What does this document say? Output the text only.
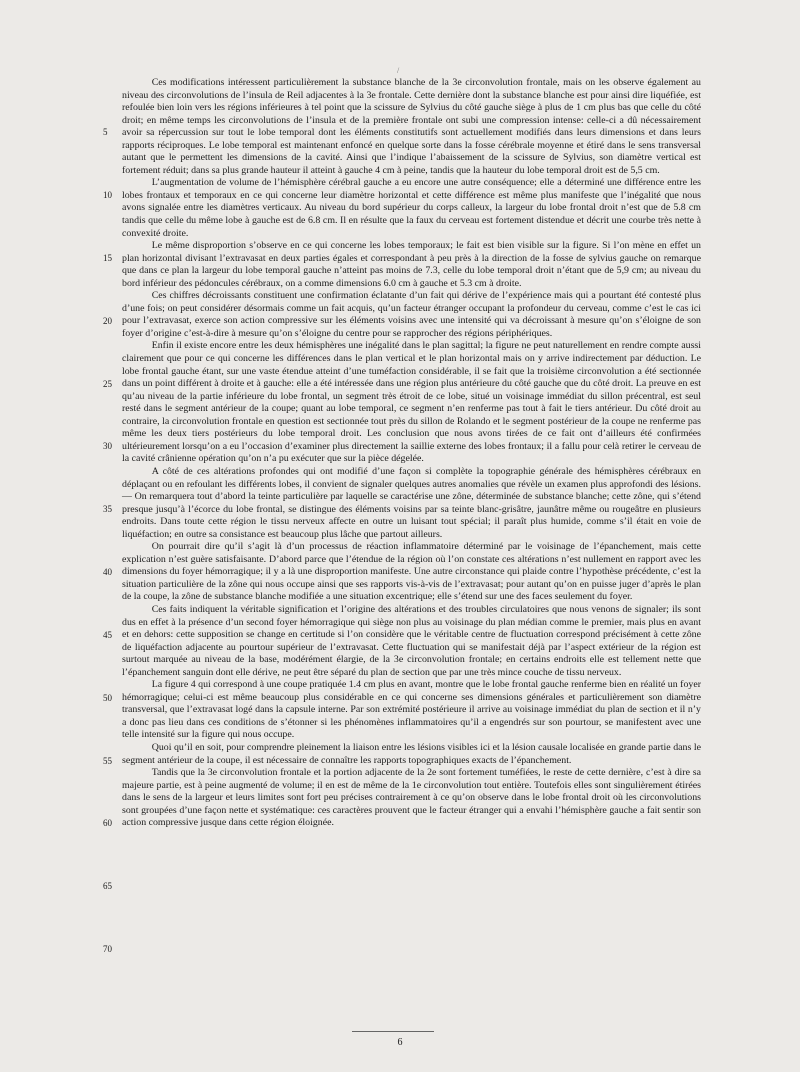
/

Ces modifications intéressent particulièrement la substance blanche de la 3e circonvolution frontale, mais on les observe également au niveau des circonvolutions de l’insula de Reil adjacentes à la 3e frontale. Cette dernière dont la substance blanche est pour ainsi dire liquéfiée, est refoulée bien loin vers les régions inférieures à tel point que la scissure de Sylvius du côté gauche siège à plus de 1 cm plus bas que celle du côté droit; en même temps les circonvolutions de l’insula et de la première frontale ont subi une compression intense: celle-ci a dû nécessairement avoir sa répercussion sur tout le lobe temporal dont les éléments constitutifs sont actuellement modifiés dans leurs dimensions et dans leurs rapports réciproques. Le lobe temporal est maintenant enfoncé en quelque sorte dans la fosse cérébrale moyenne et étiré dans le sens transversal autant que le permettent les dimensions de la cavité. Ainsi que l’indique l’abaissement de la scissure de Sylvius, son diamètre vertical est fortement réduit; dans sa plus grande hauteur il atteint à gauche 4 cm à peine, tandis que la hauteur du lobe temporal droit est de 5,5 cm.

L’augmentation de volume de l’hémisphère cérébral gauche a eu encore une autre conséquence; elle a déterminé une différence entre les lobes frontaux et temporaux en ce qui concerne leur diamètre horizontal et cette différence est même plus manifeste que l’inégalité que nous avons signalée entre les diamètres verticaux. Au niveau du bord supérieur du corps calleux, la largeur du lobe frontal droit n’est que de 5.8 cm tandis que celle du même lobe à gauche est de 6.8 cm. Il en résulte que la faux du cerveau est fortement distendue et décrit une courbe très nette à convexité droite.

Le même disproportion s’observe en ce qui concerne les lobes temporaux; le fait est bien visible sur la figure. Si l’on mène en effet un plan horizontal divisant l’extravasat en deux parties égales et correspondant à peu près à la direction de la fosse de sylvius gauche on remarque que dans ce plan la largeur du lobe temporal gauche n’atteint pas moins de 7.3, celle du lobe temporal droit n’étant que de 5,9 cm; au niveau du bord inférieur des pédoncules cérébraux, on a comme dimensions 6.0 cm à gauche et 5.3 cm à droite.

Ces chiffres décroissants constituent une confirmation éclatante d’un fait qui dérive de l’expérience mais qui a pourtant été contesté plus d’une fois; on peut considérer désormais comme un fait acquis, qu’un facteur étranger occupant la profondeur du cerveau, comme c’est le cas ici pour l’extravasat, exerce son action compressive sur les éléments voisins avec une intensité qui va décroissant à mesure qu’on s’éloigne de son foyer d’origine c’est-à-dire à mesure qu’on s’éloigne du centre pour se rapprocher des régions périphériques.

Enfin il existe encore entre les deux hémisphères une inégalité dans le plan sagittal; la figure ne peut naturellement en rendre compte aussi clairement que pour ce qui concerne les différences dans le plan vertical et le plan horizontal mais on y arrive indirectement par déduction. Le lobe frontal gauche étant, sur une vaste étendue atteint d’une tuméfaction considérable, il se fait que la troisième circonvolution a été sectionnée dans un point différent à droite et à gauche: elle a été intéressée dans une région plus antérieure du côté gauche que du côté droit. La preuve en est qu’au niveau de la partie inférieure du lobe frontal, un segment très étroit de ce lobe, situé un voisinage immédiat du sillon précentral, est seul resté dans le segment antérieur de la coupe; quant au lobe temporal, ce segment n’en renferme pas tout à fait le tiers antérieur. Du côté droit au contraire, la circonvolution frontale en question est sectionnée tout près du sillon de Rolando et le segment postérieur de la coupe ne renferme pas même les deux tiers postérieurs du lobe temporal droit. Les conclusion que nous avons tirées de ce fait ont d’ailleurs été confirmées ultérieurement lorsqu’on a eu l’occasion d’examiner plus directement la saillie externe des lobes frontaux; il a fallu pour celà retirer le cerveau de la cavité crânienne opération qu’on n’a pu exécuter que sur la pièce dégelée.

A côté de ces altérations profondes qui ont modifié d’une façon si complète la topographie générale des hémisphères cérébraux en déplaçant ou en refoulant les différents lobes, il convient de signaler quelques autres anomalies que révèle un examen plus approfondi des lésions. — On remarquera tout d’abord la teinte particulière par laquelle se caractérise une zône, déterminée de substance blanche; cette zône, qui s’étend presque jusqu’à l’écorce du lobe frontal, se distingue des éléments voisins par sa teinte blanc-grisâtre, jaunâtre même ou rougeâtre en plusieurs endroits. Dans toute cette région le tissu nerveux affecte en outre un luisant tout spécial; il paraît plus humide, comme s’il était en voie de liquéfaction; en outre sa consistance est beaucoup plus lâche que partout ailleurs.

On pourrait dire qu’il s’agit là d’un processus de réaction inflammatoire déterminé par le voisinage de l’épanchement, mais cette explication n’est guère satisfaisante. D’abord parce que l’étendue de la région où l’on constate ces altérations n’est nullement en rapport avec les dimensions du foyer hémorragique; il y a là une disproportion manifeste. Une autre circonstance qui plaide contre l’hypothèse précédente, c’est la situation particulière de la zône qui nous occupe ainsi que ses rapports vis-à-vis de l’extravasat; pour autant qu’on en puisse juger d’après le plan de la coupe, la zône de substance blanche modifiée a une situation excentrique; elle s’étend sur une des faces seulement du foyer.

Ces faits indiquent la véritable signification et l’origine des altérations et des troubles circulatoires que nous venons de signaler; ils sont dus en effet à la présence d’un second foyer hémorragique qui siège non plus au voisinage du plan médian comme le premier, mais plus en avant et en dehors: cette supposition se change en certitude si l’on considère que le véritable centre de fluctuation correspond précisément à cette zône de liquéfaction adjacente au pourtour supérieur de l’extravasat. Cette fluctuation qui se manifestait déjà par l’aspect extérieur de la région est surtout marquée au niveau de la base, modérément élargie, de la 3e circonvolution frontale; en certains endroits elle est tellement nette que l’épanchement sanguin dont elle dérive, ne peut être séparé du plan de section que par une très mince couche de tissu nerveux.

La figure 4 qui correspond à une coupe pratiquée 1.4 cm plus en avant, montre que le lobe frontal gauche renferme bien en réalité un foyer hémorragique; celui-ci est même beaucoup plus considérable en ce qui concerne ses dimensions générales et particulièrement son diamètre transversal, que l’extravasat logé dans la capsule interne. Par son extrémité postérieure il arrive au voisinage immédiat du plan de section et il n’y a donc pas lieu dans ces conditions de s’étonner si les phénomènes inflammatoires qu’il a engendrés sur son pourtour, se manifestent avec une telle intensité sur la figure qui nous occupe.

Quoi qu’il en soit, pour comprendre pleinement la liaison entre les lésions visibles ici et la lésion causale localisée en grande partie dans le segment antérieur de la coupe, il est nécessaire de connaître les rapports topographiques exacts de l’épanchement.

Tandis que la 3e circonvolution frontale et la portion adjacente de la 2e sont fortement tuméfiées, le reste de cette dernière, c’est à dire sa majeure partie, est à peine augmenté de volume; il en est de même de la 1e circonvolution tout entière. Toutefois elles sont singulièrement étirées dans le sens de la largeur et leurs limites sont fort peu précises contrairement à ce qu’on observe dans le lobe frontal droit où les circonvolutions sont groupées d’une façon nette et systématique: ces caractères prouvent que le facteur étranger qui a envahi l’hémisphère gauche a fait sentir son action compressive jusque dans cette région éloignée.

5
10
15
20
25
30
35
40
45
50
55
60
65
70
6
